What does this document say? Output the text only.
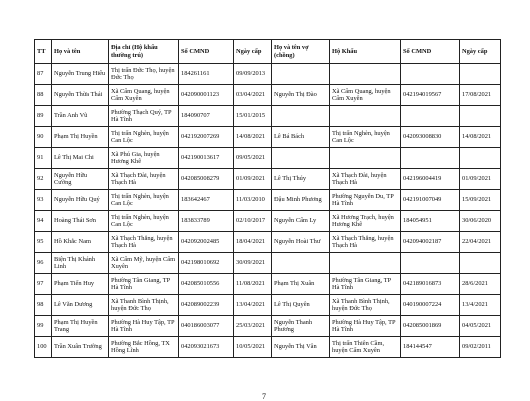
TT	Họ và tên	Địa chỉ (Hộ khẩu thường trú)	Số CMND	Ngày cấp	Họ và tên vợ (chồng)	Hộ Khẩu	Số CMND	Ngày cấp
87	Nguyễn Trung Hiếu	Thị trấn Đức Thọ, huyện Đức Thọ	184261161	09/09/2013				
88	Nguyễn Thừa Thái	Xã Cẩm Quang, huyện Cẩm Xuyên	042090001123	03/04/2021	Nguyễn Thị Đào	Xã Cẩm Quang, huyện Cẩm Xuyên	042194019567	17/08/2021
89	Trần Anh Vũ	Phường Thạch Quý, TP Hà Tĩnh	184090707	15/01/2015				
90	Phạm Thị Huyền	Thị trấn Nghèn, huyện Can Lộc	042192007269	14/08/2021	Lê Bá Bách	Thị trấn Nghèn, huyện Can Lộc	042093008830	14/08/2021
91	Lê Thị Mai Chi	Xã Phú Gia, huyện Hương Khê	042190013617	09/05/2021				
92	Nguyễn Hữu Cường	Xã Thạch Đài, huyện Thạch Hà	042085008279	01/09/2021	Lê Thị Thúy	Xã Thạch Đài, huyện Thạch Hà	042196004419	01/09/2021
93	Nguyễn Hữu Quý	Thị trấn Nghèn, huyện Can Lộc	183642467	11/03/2010	Đậu Minh Phương	Phường Nguyễn Du, TP Hà Tĩnh	042191007049	15/09/2021
94	Hoàng Thái Sơn	Thị trấn Nghèn, huyện Can Lộc	183833789	02/10/2017	Nguyễn Cẩm Ly	Xã Hương Trạch, huyện Hương Khê	184054951	30/06/2020
95	Hồ Khắc Nam	Xã Thạch Thắng, huyện Thạch Hà	042092002485	18/04/2021	Nguyễn Hoài Thư	Xã Thạch Thắng, huyện Thạch Hà	042094002187	22/04/2021
96	Biện Thị Khánh Linh	Xã Cẩm Mỹ, huyện Cẩm Xuyên	042198010692	30/09/2021				
97	Phạm Tiến Huy	Phường Tân Giang, TP Hà Tĩnh	042085010556	11/08/2021	Phạm Thị Xuân	Phường Tân Giang, TP Hà Tĩnh	042189016873	28/6/2021
98	Lê Văn Dương	Xã Thanh Bình Thịnh, huyện Đức Thọ	042089002239	13/04/2021	Lê Thị Quyên	Xã Thanh Bình Thịnh, huyện Đức Thọ	040190007224	13/4/2021
99	Phạm Thị Huyền Trang	Phường Hà Huy Tập, TP Hà Tĩnh	040186003077	25/03/2021	Nguyễn Thanh Phương	Phường Hà Huy Tập, TP Hà Tĩnh	042085001869	04/05/2021
100	Trần Xuân Trường	Phường Bắc Hồng, TX Hồng Lĩnh	042093021673	10/05/2021	Nguyễn Thị Vân	Thị trấn Thiên Cầm, huyện Cẩm Xuyên	184144547	09/02/2011
7
